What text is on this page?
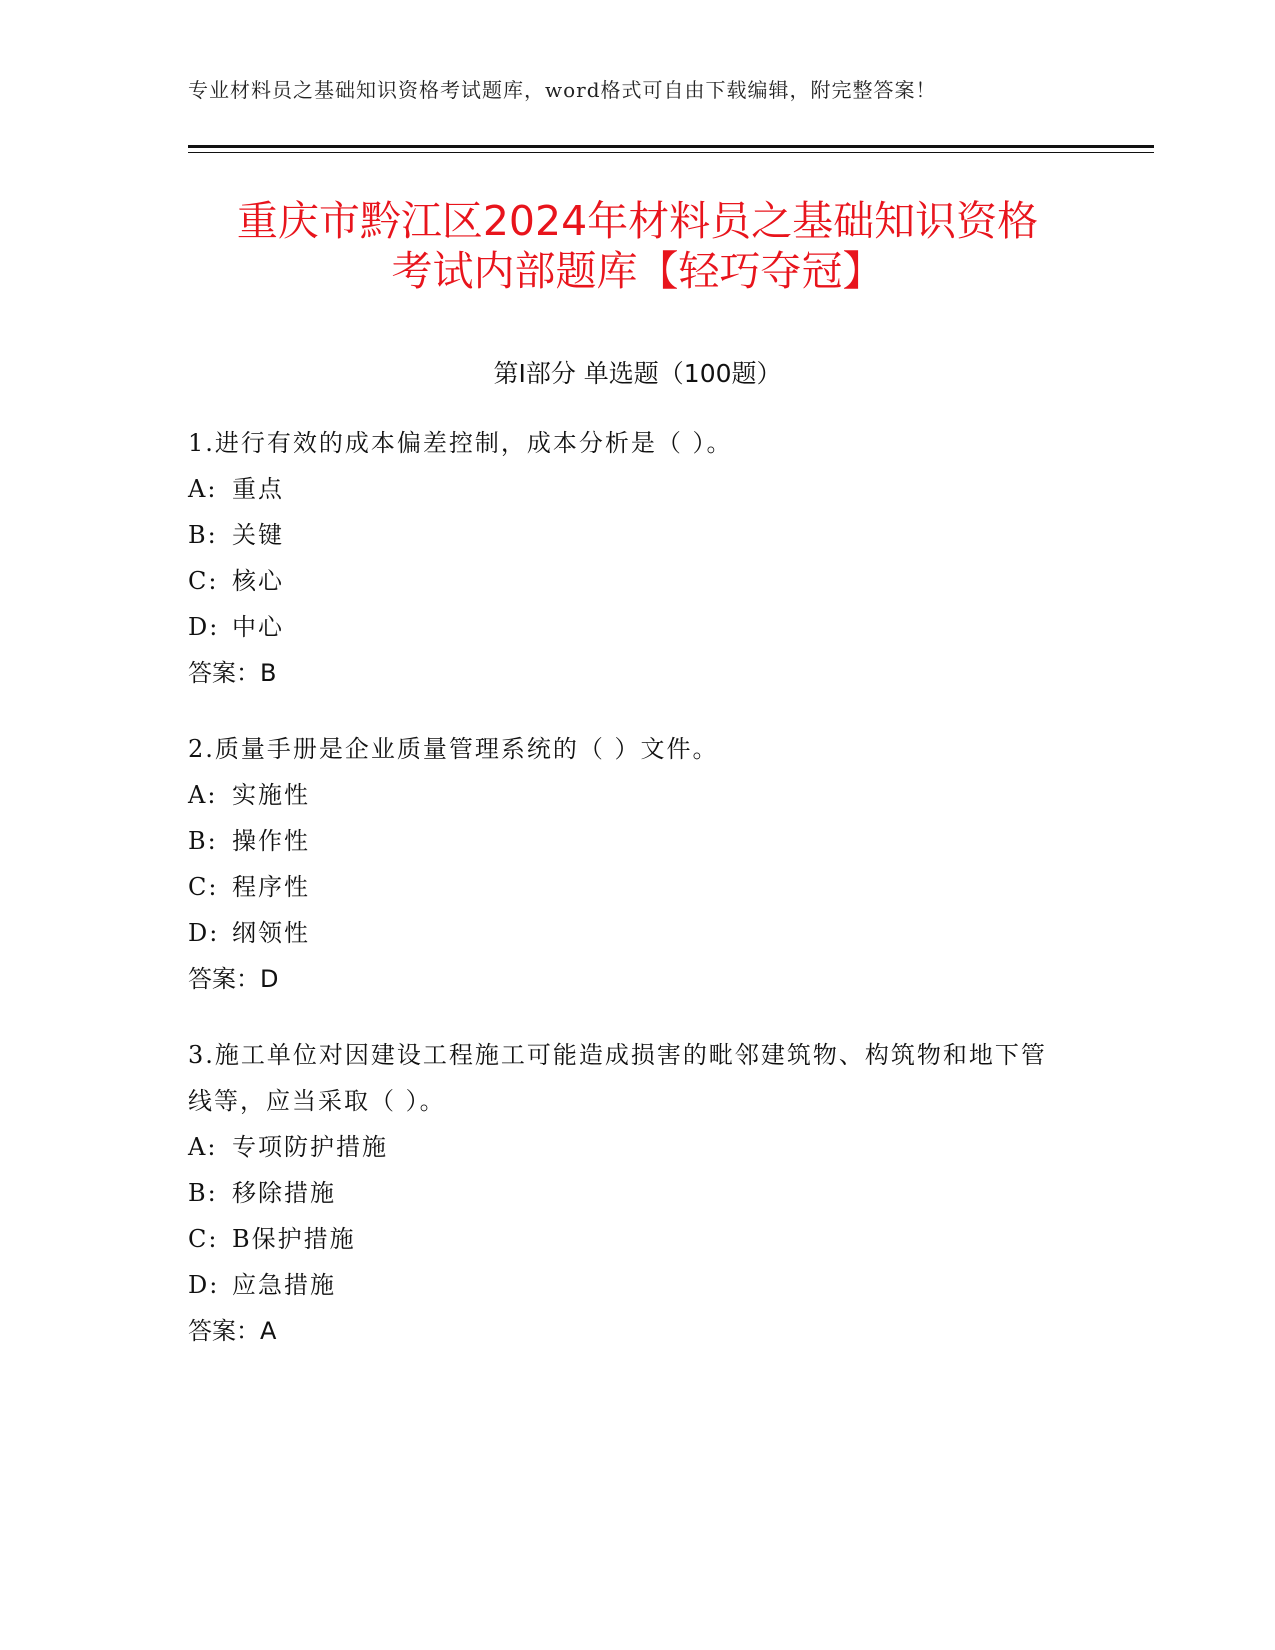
专业材料员之基础知识资格考试题库，word格式可自由下载编辑，附完整答案！
重庆市黔江区2024年材料员之基础知识资格
考试内部题库【轻巧夺冠】
第Ⅰ部分 单选题（100题）

1.进行有效的成本偏差控制，成本分析是（ ）。

A: 重点

B: 关键

C: 核心

D: 中心

答案：B

2.质量手册是企业质量管理系统的（ ）文件。

A: 实施性

B: 操作性

C: 程序性

D: 纲领性

答案：D

3.施工单位对因建设工程施工可能造成损害的毗邻建筑物、构筑物和地下管线等，应当采取（ ）。

A: 专项防护措施

B: 移除措施

C: B保护措施

D: 应急措施

答案：A
